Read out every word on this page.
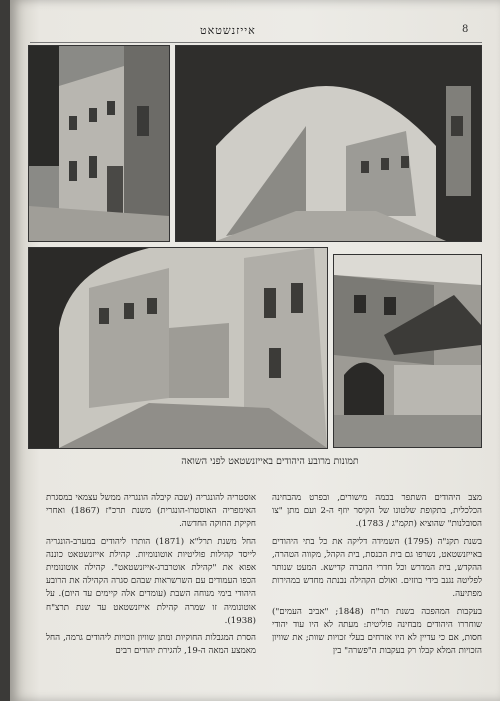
אייזנשטאט	8
תמונות מרובע היהודים באייזנשטאט לפני השואה

מצב היהודים השתפר בכמה מישורים, ובפרט מהבחינה הכלכלית, בתקופת שלטונו של הקיסר יוזף ה-2 ועם מתן "צו הסובלנות" שהוציא (תקמ"ג / 1783).

בשנת תקנ"ה (1795) השמידה דליקה את כל בתי היהודים באייזנשטאט, נשרפו גם בית הכנסת, בית הקהל, מקווה הטהרה, ההקדש, בית המדרש וכל חדרי החברה קדישא. המעט שנותר לפליטה נגנב בידי בוזזים. ואולם הקהילה נבנתה מחדש במהירות מפתיעה.

בעקבות המהפכה בשנת תר"ח (1848; "אביב העמים") שוחררו היהודים מבחינה פוליטית: מעתה לא היו עוד יהודי חסות, אם כי עדיין לא היו אזרחים בעלי זכויות שוות; את שוויון הזכויות המלא קבלו רק בעקבות ה"פשרה" בין

אוסטריה להונגריה (שבה קיבלה הונגריה ממשל עצמאי במסגרת האימפריה האוסטרו-הונגרית) משנת תרכ"ז (1867) ואחרי חקיקת החוקה החדשה.

החל משנת תרל"א (1871) הותרו ליהודים במערב-הונגריה לייסד קהילות פוליטיות אוטונומיות. קהילת אייזנשטאט כוננה אפוא את "קהילת אוטרברג-אייזנשטאט". קהילה אוטונומית הכפו העמודים עם השרשראות שבהם סגרה הקהילה את הרובע היהודי בימי מנוחה השבת (עומדים אלה קיימים עד היום). על אוטונומיה זו שמרה קהילת אייזנשטאט עד שנת תרצ"ח (1938).

הסרת המגבלות החוקיות ומתן שוויון וזכויות ליהודים גרמה, החל מאמצע המאה ה-19, להגירת יהודים רבים
